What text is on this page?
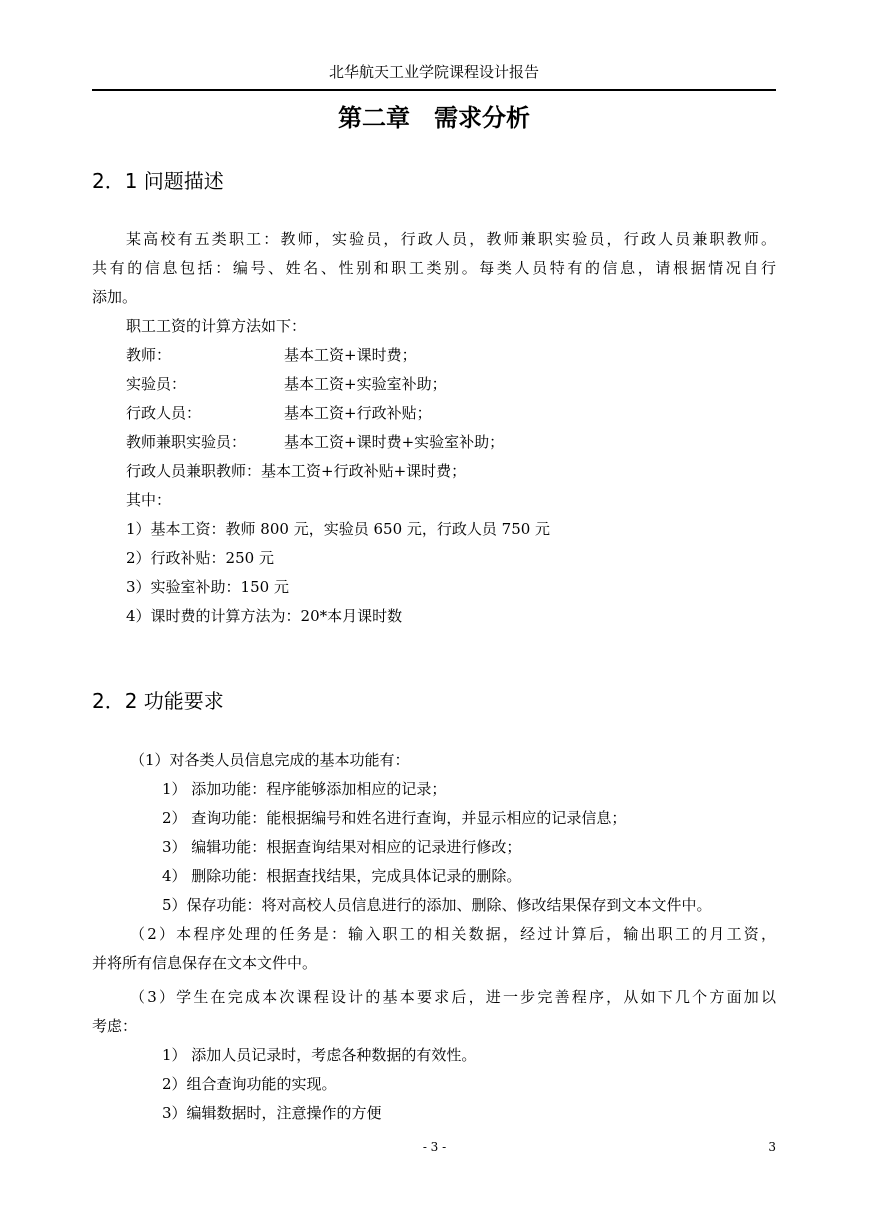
北华航天工业学院课程设计报告
第二章　需求分析
2．1 问题描述
某高校有五类职工：教师，实验员，行政人员，教师兼职实验员，行政人员兼职教师。
共有的信息包括：编号、姓名、性别和职工类别。每类人员特有的信息，请根据情况自行
添加。
职工工资的计算方法如下：
教师：	基本工资+课时费；
实验员：	基本工资+实验室补助；
行政人员：	基本工资+行政补贴；
教师兼职实验员：	基本工资+课时费+实验室补助；
行政人员兼职教师：基本工资+行政补贴+课时费；
其中：
1）基本工资：教师 800 元，实验员 650 元，行政人员 750 元
2）行政补贴：250 元
3）实验室补助：150 元
4）课时费的计算方法为：20*本月课时数
（1）对各类人员信息完成的基本功能有：
1） 添加功能：程序能够添加相应的记录；
2） 查询功能：能根据编号和姓名进行查询，并显示相应的记录信息；
3） 编辑功能：根据查询结果对相应的记录进行修改；
4） 删除功能：根据查找结果，完成具体记录的删除。
5）保存功能：将对高校人员信息进行的添加、删除、修改结果保存到文本文件中。
（2）本程序处理的任务是：输入职工的相关数据，经过计算后，输出职工的月工资，
并将所有信息保存在文本文件中。
（3）学生在完成本次课程设计的基本要求后，进一步完善程序，从如下几个方面加以
考虑：
1） 添加人员记录时，考虑各种数据的有效性。
2）组合查询功能的实现。
3）编辑数据时，注意操作的方便
2．2 功能要求
- 3 -	3
